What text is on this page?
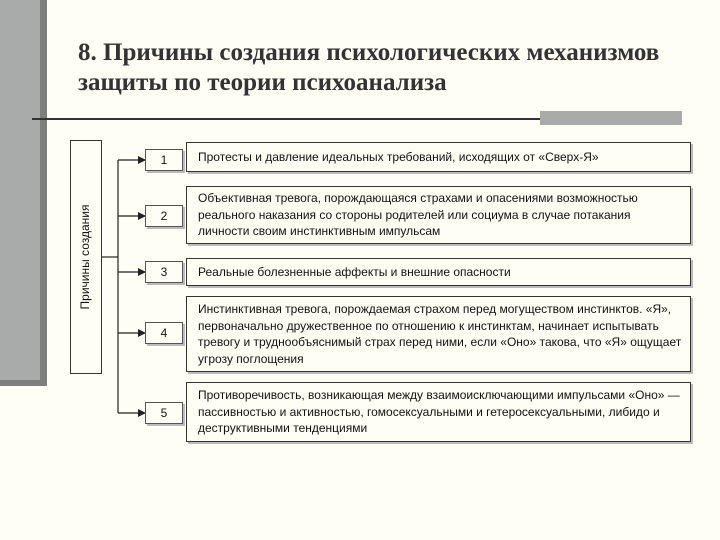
8. Причины создания психологических механизмов защиты по теории психоанализа
Причины создания
1	Протесты и давление идеальных требований, исходящих от «Сверх-Я»
2
Объективная тревога, порождающаяся страхами и опасениями возможностью реального наказания со стороны родителей или социума в случае потакания личности своим инстинктивным импульсам
3	Реальные болезненные аффекты и внешние опасности
4
Инстинктивная тревога, порождаемая страхом перед могуществом инстинктов. «Я», первоначально дружественное по отношению к инстинктам, начинает испытывать тревогу и труднообъяснимый страх перед ними, если «Оно» такова, что «Я» ощущает угрозу поглощения
5
Противоречивость, возникающая между взаимоисключающими импульсами «Оно» — пассивностью и активностью, гомосексуальными и гетеросексуальными, либидо и деструктивными тенденциями
